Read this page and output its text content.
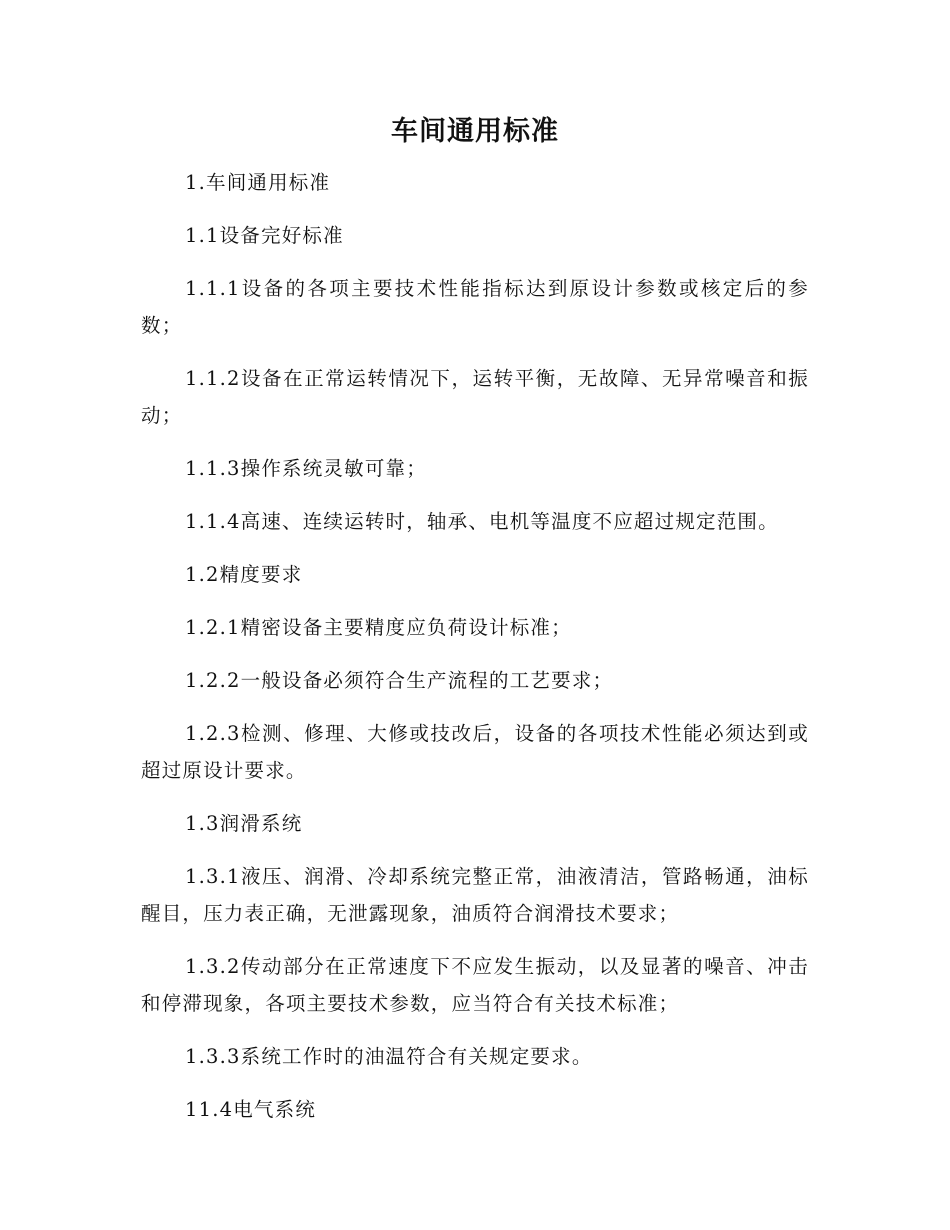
车间通用标准

1.车间通用标准

1.1设备完好标准

1.1.1设备的各项主要技术性能指标达到原设计参数或核定后的参数；

1.1.2设备在正常运转情况下，运转平衡，无故障、无异常噪音和振动；

1.1.3操作系统灵敏可靠；

1.1.4高速、连续运转时，轴承、电机等温度不应超过规定范围。

1.2精度要求

1.2.1精密设备主要精度应负荷设计标准；

1.2.2一般设备必须符合生产流程的工艺要求；

1.2.3检测、修理、大修或技改后，设备的各项技术性能必须达到或超过原设计要求。

1.3润滑系统

1.3.1液压、润滑、冷却系统完整正常，油液清洁，管路畅通，油标醒目，压力表正确，无泄露现象，油质符合润滑技术要求；

1.3.2传动部分在正常速度下不应发生振动，以及显著的噪音、冲击和停滞现象，各项主要技术参数，应当符合有关技术标准；

1.3.3系统工作时的油温符合有关规定要求。

11.4电气系统
